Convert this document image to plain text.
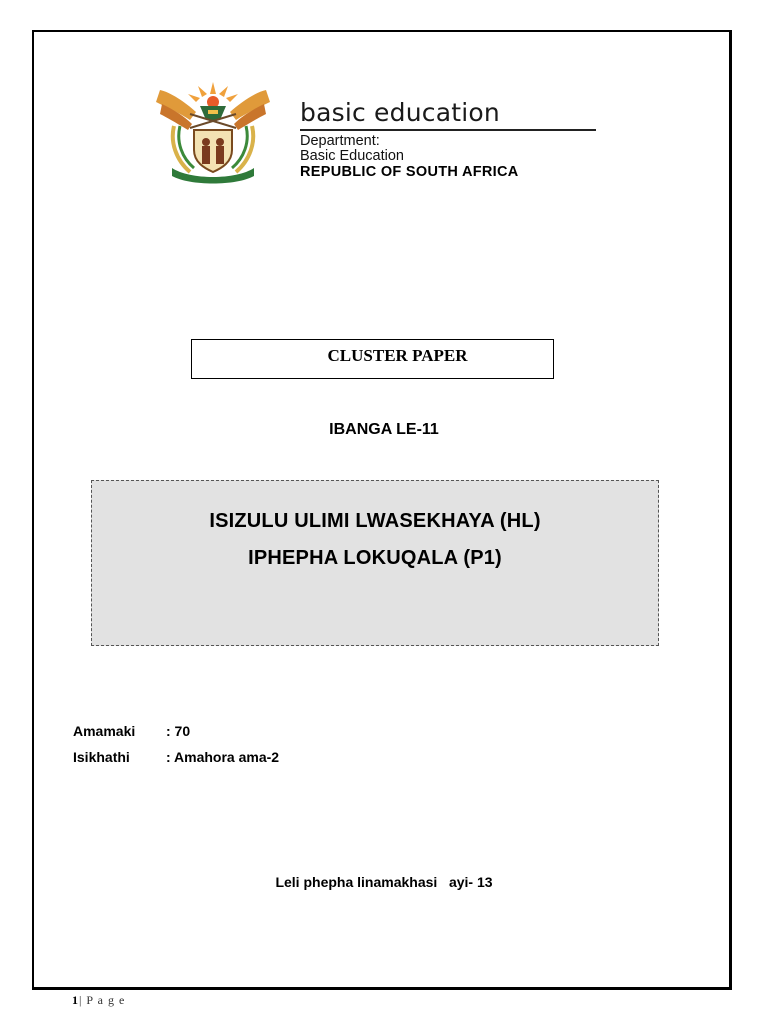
basic education
Department:
Basic Education
REPUBLIC OF SOUTH AFRICA
CLUSTER PAPER
IBANGA LE-11
ISIZULU ULIMI LWASEKHAYA (HL)
IPHEPHA LOKUQALA (P1)
Amamaki : 70
Isikhathi	: Amahora ama-2
Leli phepha linamakhasi   ayi- 13
1| P a g e
